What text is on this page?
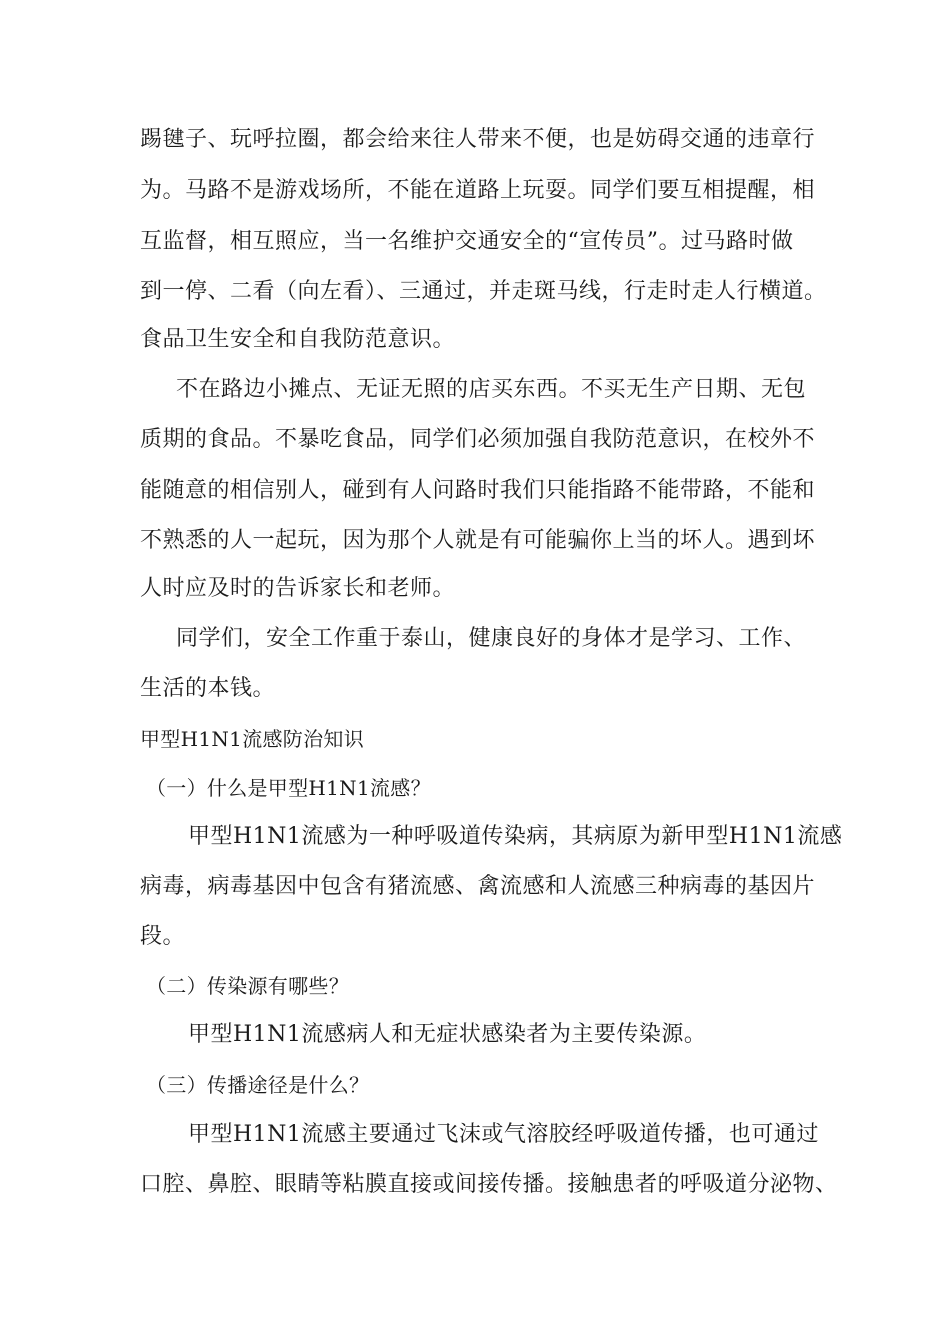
踢毽子、玩呼拉圈，都会给来往人带来不便，也是妨碍交通的违章行
为。马路不是游戏场所，不能在道路上玩耍。同学们要互相提醒，相
互监督，相互照应，当一名维护交通安全的“宣传员”。过马路时做
到一停、二看（向左看）、三通过，并走斑马线，行走时走人行横道。
食品卫生安全和自我防范意识。
不在路边小摊点、无证无照的店买东西。不买无生产日期、无包
质期的食品。不暴吃食品，同学们必须加强自我防范意识，在校外不
能随意的相信别人，碰到有人问路时我们只能指路不能带路，不能和
不熟悉的人一起玩，因为那个人就是有可能骗你上当的坏人。遇到坏
人时应及时的告诉家长和老师。
同学们，安全工作重于泰山，健康良好的身体才是学习、工作、
生活的本钱。
甲型H1N1流感防治知识
（一）什么是甲型H1N1流感？
甲型H1N1流感为一种呼吸道传染病，其病原为新甲型H1N1流感
病毒，病毒基因中包含有猪流感、禽流感和人流感三种病毒的基因片
段。
（二）传染源有哪些？
甲型H1N1流感病人和无症状感染者为主要传染源。
（三）传播途径是什么？
甲型H1N1流感主要通过飞沫或气溶胶经呼吸道传播，也可通过
口腔、鼻腔、眼睛等粘膜直接或间接传播。接触患者的呼吸道分泌物、
